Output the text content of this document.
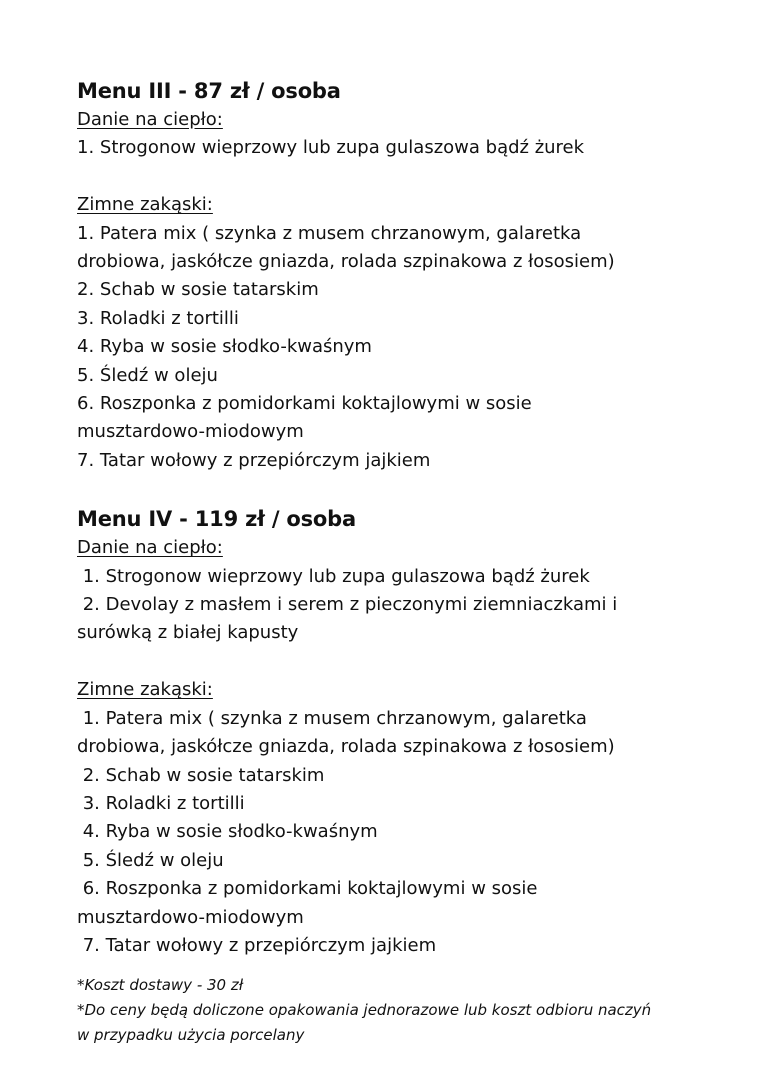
Menu III - 87 zł / osoba

Danie na ciepło:

1. Strogonow wieprzowy lub zupa gulaszowa bądź żurek

Zimne zakąski:

1. Patera mix ( szynka z musem chrzanowym, galaretka

drobiowa, jaskółcze gniazda, rolada szpinakowa z łososiem)

2. Schab w sosie tatarskim

3. Roladki z tortilli

4. Ryba w sosie słodko-kwaśnym

5. Śledź w oleju

6. Roszponka z pomidorkami koktajlowymi w sosie

musztardowo-miodowym

7. Tatar wołowy z przepiórczym jajkiem

Menu IV - 119 zł / osoba

Danie na ciepło:

1. Strogonow wieprzowy lub zupa gulaszowa bądź żurek

2. Devolay z masłem i serem z pieczonymi ziemniaczkami i

surówką z białej kapusty

Zimne zakąski:

1. Patera mix ( szynka z musem chrzanowym, galaretka

drobiowa, jaskółcze gniazda, rolada szpinakowa z łososiem)

2. Schab w sosie tatarskim

3. Roladki z tortilli

4. Ryba w sosie słodko-kwaśnym

5. Śledź w oleju

6. Roszponka z pomidorkami koktajlowymi w sosie

musztardowo-miodowym

7. Tatar wołowy z przepiórczym jajkiem

*Koszt dostawy - 30 zł

*Do ceny będą doliczone opakowania jednorazowe lub koszt odbioru naczyń

w przypadku użycia porcelany
